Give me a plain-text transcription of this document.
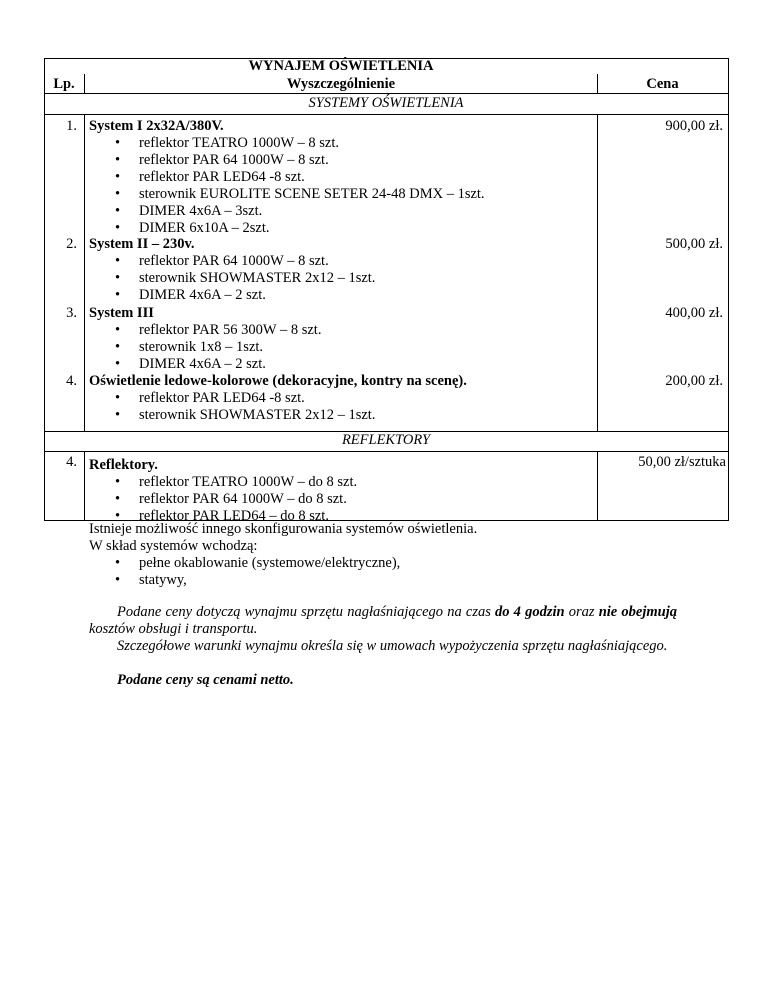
WYNAJEM OŚWIETLENIA
Lp.	Wyszczególnienie	Cena
SYSTEMY OŚWIETLENIA
1. System I 2x32A/380V.	900,00 zł.
• reflektor TEATRO 1000W – 8 szt.
• reflektor PAR 64 1000W – 8 szt.
• reflektor PAR LED64 -8 szt.
• sterownik EUROLITE SCENE SETER 24-48 DMX – 1szt.
• DIMER 4x6A – 3szt.
• DIMER 6x10A – 2szt.
2. System II – 230v.	500,00 zł.
• reflektor PAR 64 1000W – 8 szt.
• sterownik SHOWMASTER 2x12 – 1szt.
• DIMER 4x6A – 2 szt.
3. System III	400,00 zł.
• reflektor PAR 56 300W – 8 szt.
• sterownik 1x8 – 1szt.
• DIMER 4x6A – 2 szt.
4. Oświetlenie ledowe-kolorowe (dekoracyjne, kontry na scenę).	200,00 zł.
• reflektor PAR LED64 -8 szt.
• sterownik SHOWMASTER 2x12 – 1szt.
REFLEKTORY
4. Reflektory.	50,00 zł/sztuka
• reflektor TEATRO 1000W – do 8 szt.
• reflektor PAR 64 1000W – do 8 szt.
• reflektor PAR LED64 – do 8 szt.
Istnieje możliwość innego skonfigurowania systemów oświetlenia.
W skład systemów wchodzą:
• pełne okablowanie (systemowe/elektryczne),
• statywy,
Podane ceny dotyczą wynajmu sprzętu nagłaśniającego na czas do 4 godzin oraz nie obejmują kosztów obsługi i transportu.
Szczegółowe warunki wynajmu określa się w umowach wypożyczenia sprzętu nagłaśniającego.
Podane ceny są cenami netto.
